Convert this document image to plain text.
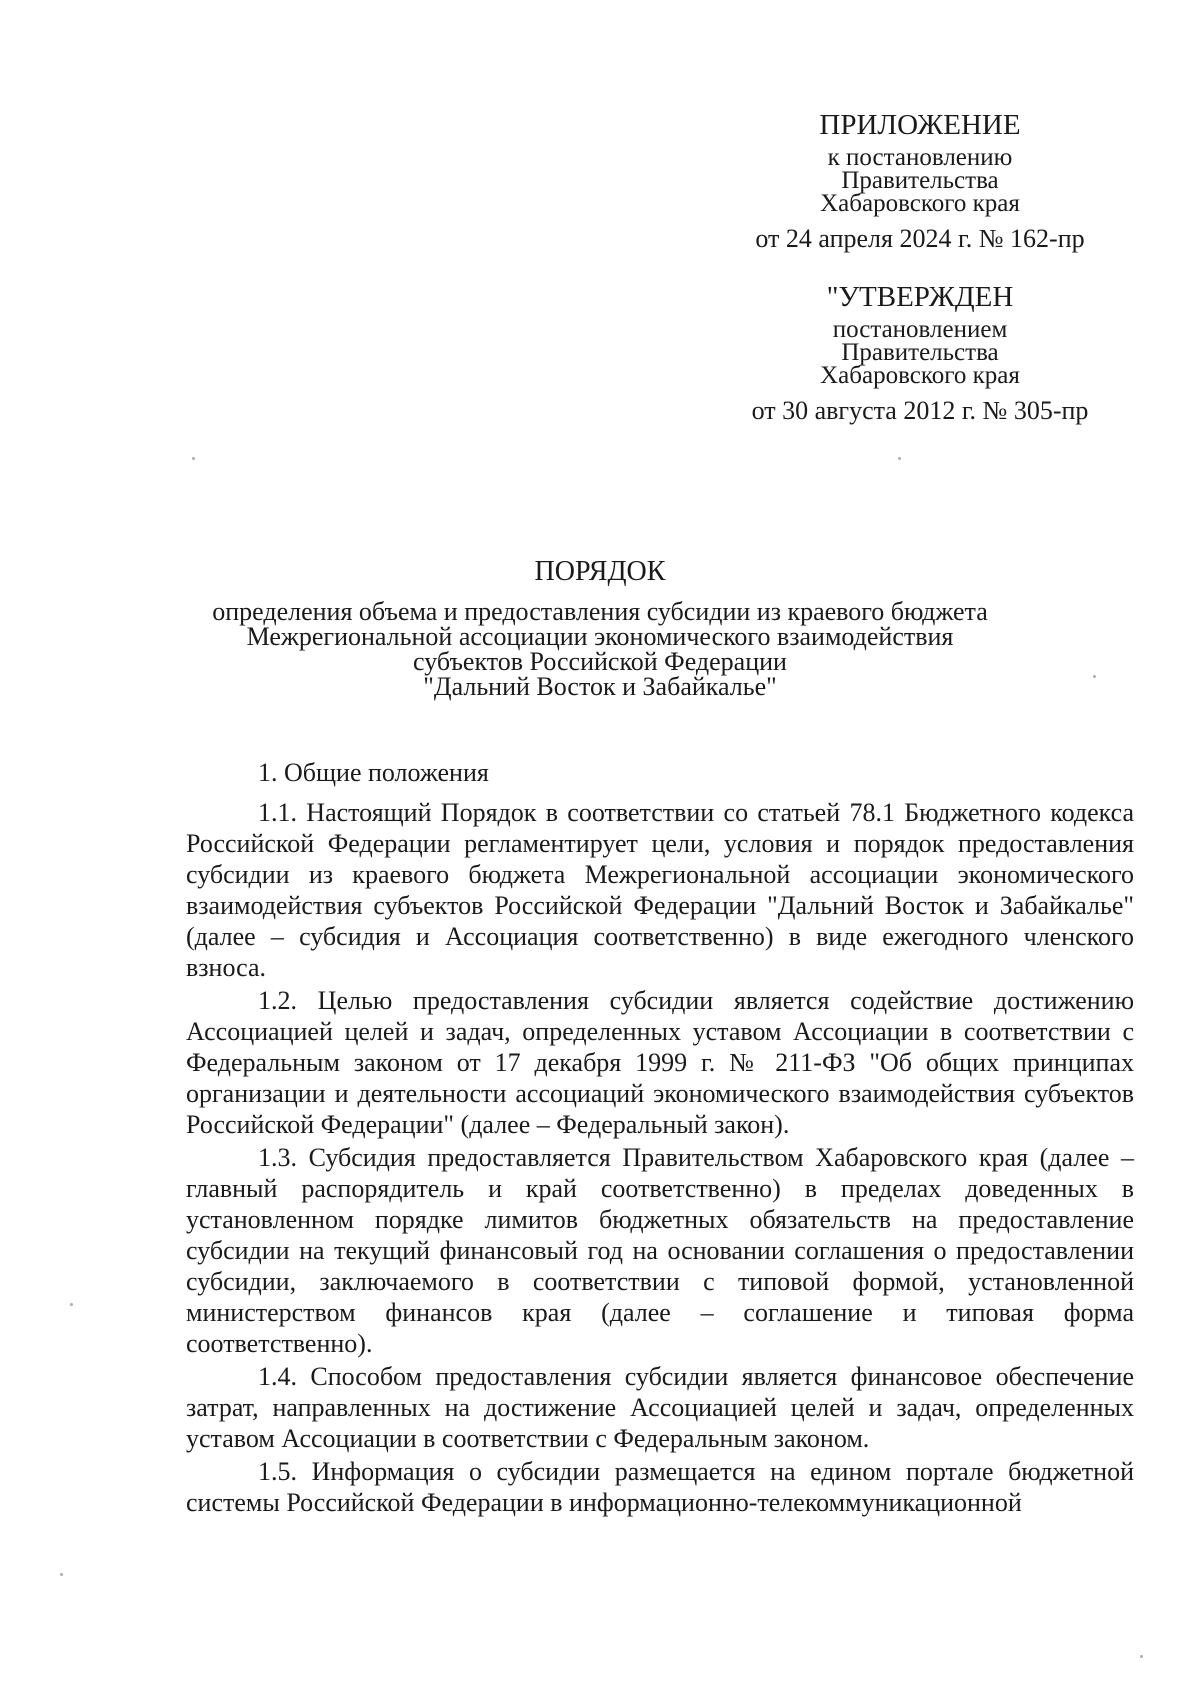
ПРИЛОЖЕНИЕ
к постановлению
Правительства
Хабаровского края
от 24 апреля 2024 г. № 162-пр
"УТВЕРЖДЕН
постановлением
Правительства
Хабаровского края
от 30 августа 2012 г. № 305-пр
ПОРЯДОК
определения объема и предоставления субсидии из краевого бюджета
Межрегиональной ассоциации экономического взаимодействия
субъектов Российской Федерации
"Дальний Восток и Забайкалье"
1. Общие положения

1.1. Настоящий Порядок в соответствии со статьей 78.1 Бюджетного кодекса Российской Федерации регламентирует цели, условия и порядок предоставления субсидии из краевого бюджета Межрегиональной ассоциации экономического взаимодействия субъектов Российской Федерации "Дальний Восток и Забайкалье" (далее – субсидия и Ассоциация соответственно) в виде ежегодного членского взноса.

1.2. Целью предоставления субсидии является содействие достижению Ассоциацией целей и задач, определенных уставом Ассоциации в соответствии с Федеральным законом от 17 декабря 1999 г. № 211-ФЗ "Об общих принципах организации и деятельности ассоциаций экономического взаимодействия субъектов Российской Федерации" (далее – Федеральный закон).

1.3. Субсидия предоставляется Правительством Хабаровского края (далее – главный распорядитель и край соответственно) в пределах доведенных в установленном порядке лимитов бюджетных обязательств на предоставление субсидии на текущий финансовый год на основании соглашения о предоставлении субсидии, заключаемого в соответствии с типовой формой, установленной министерством финансов края (далее – соглашение и типовая форма соответственно).

1.4. Способом предоставления субсидии является финансовое обеспечение затрат, направленных на достижение Ассоциацией целей и задач, определенных уставом Ассоциации в соответствии с Федеральным законом.

1.5. Информация о субсидии размещается на едином портале бюджетной системы Российской Федерации в информационно-телекоммуникационной
